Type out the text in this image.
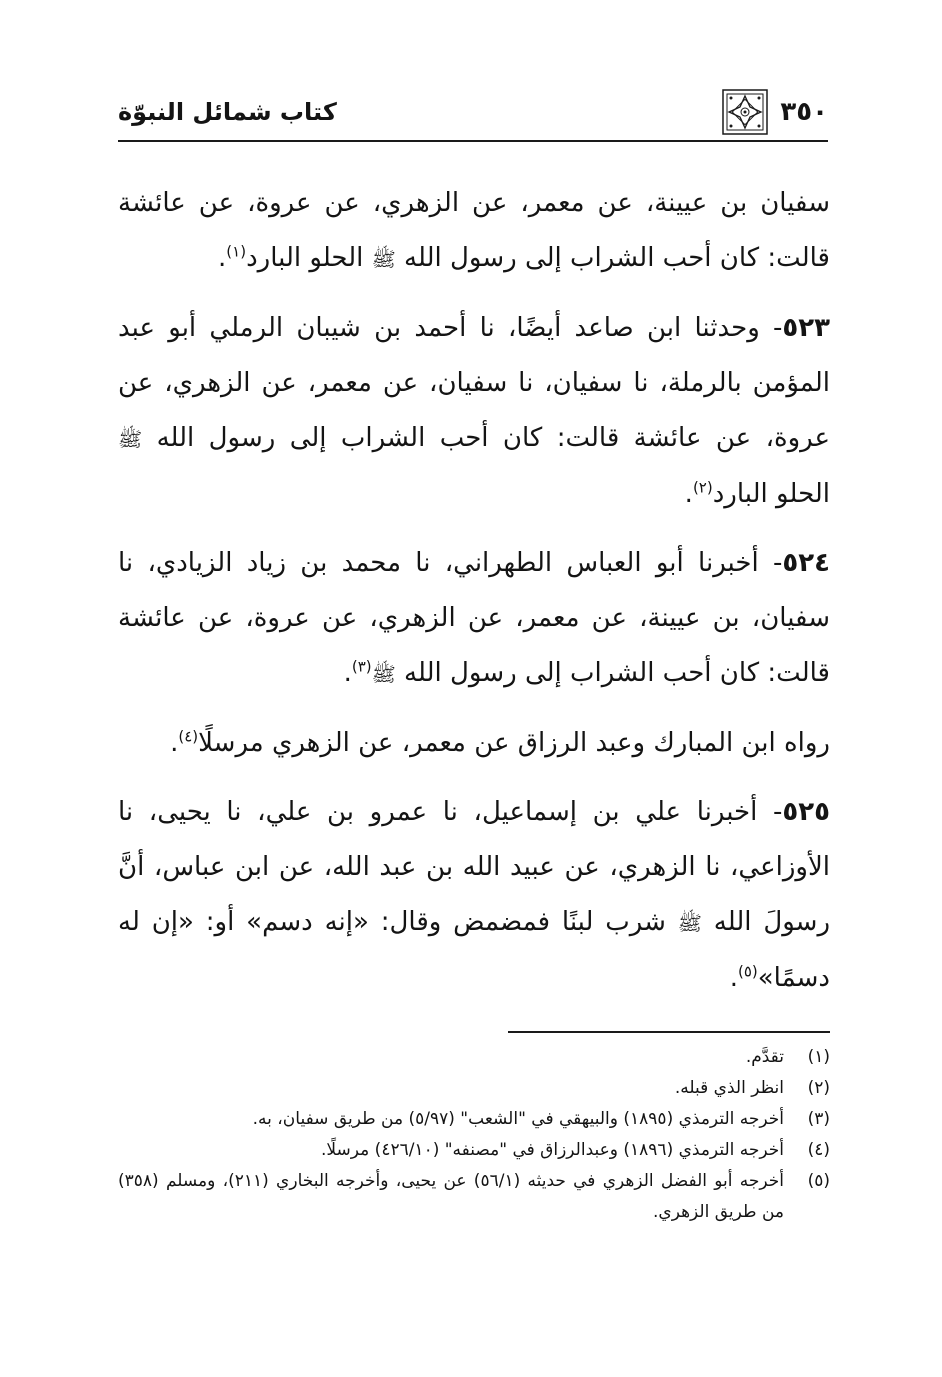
٣٥٠
كتاب شمائل النبوّة

سفيان بن عيينة، عن معمر، عن الزهري، عن عروة، عن عائشة قالت: كان أحب الشراب إلى رسول الله ﷺ الحلو البارد$^{(١)}$.

٥٢٣- وحدثنا ابن صاعد أيضًا، نا أحمد بن شيبان الرملي أبو عبد المؤمن بالرملة، نا سفيان، نا سفيان، عن معمر، عن الزهري، عن عروة، عن عائشة قالت: كان أحب الشراب إلى رسول الله ﷺ الحلو البارد$^{(٢)}$.

٥٢٤- أخبرنا أبو العباس الطهراني، نا محمد بن زياد الزيادي، نا سفيان، بن عيينة، عن معمر، عن الزهري، عن عروة، عن عائشة قالت: كان أحب الشراب إلى رسول الله ﷺ$^{(٣)}$.

رواه ابن المبارك وعبد الرزاق عن معمر، عن الزهري مرسلًا$^{(٤)}$.

٥٢٥- أخبرنا علي بن إسماعيل، نا عمرو بن علي، نا يحيى، نا الأوزاعي، نا الزهري، عن عبيد الله بن عبد الله، عن ابن عباس، أنَّ رسولَ الله ﷺ شرب لبنًا فمضمض وقال: «إنه دسم» أو: «إن له دسمًا»$^{(٥)}$.

(١)
تقدَّم.
(٢)
انظر الذي قبله.
(٣)
أخرجه الترمذي (١٨٩٥) والبيهقي في "الشعب" (٥/٩٧) من طريق سفيان، به.
(٤)
أخرجه الترمذي (١٨٩٦) وعبدالرزاق في "مصنفه" (٤٢٦/١٠) مرسلًا.
(٥)
أخرجه أبو الفضل الزهري في حديثه (٥٦/١) عن يحيى، وأخرجه البخاري (٢١١)، ومسلم (٣٥٨) من طريق الزهري.
